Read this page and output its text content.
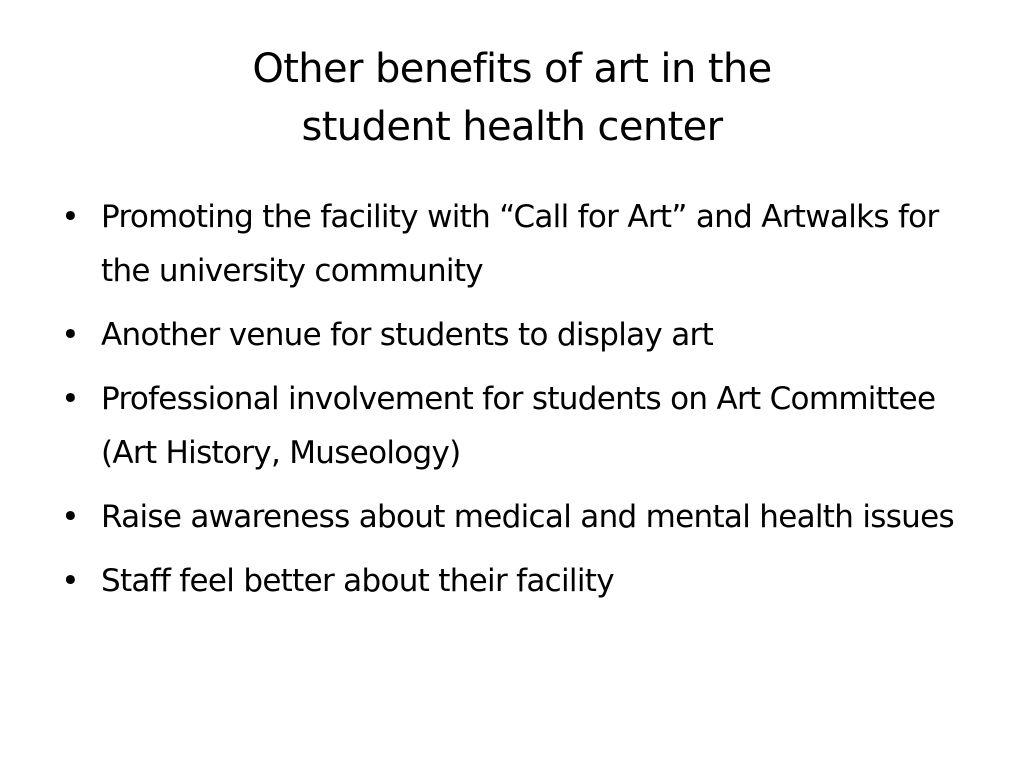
Other benefits of art in the
student health center
• Promoting the facility with “Call for Art” and Artwalks for the university community
• Another venue for students to display art
• Professional involvement for students on Art Committee (Art History, Museology)
• Raise awareness about medical and mental health issues
• Staff feel better about their facility
